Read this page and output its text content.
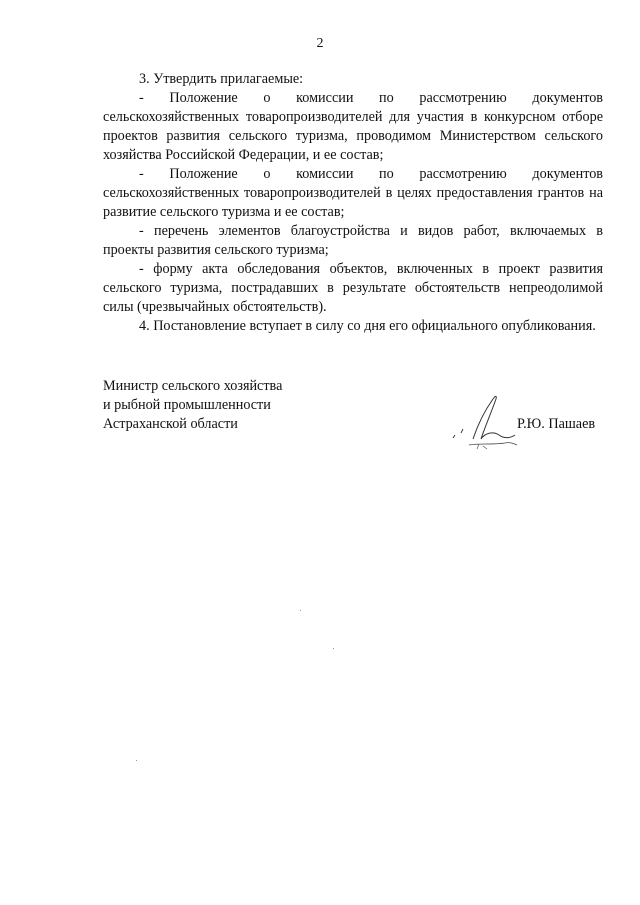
2

3. Утвердить прилагаемые:

- Положение о комиссии по рассмотрению документов сельскохозяйственных товаропроизводителей для участия в конкурсном отборе проектов развития сельского туризма, проводимом Министерством сельского хозяйства Российской Федерации, и ее состав;

- Положение о комиссии по рассмотрению документов сельскохозяйственных товаропроизводителей в целях предоставления грантов на развитие сельского туризма и ее состав;

- перечень элементов благоустройства и видов работ, включаемых в проекты развития сельского туризма;

- форму акта обследования объектов, включенных в проект развития сельского туризма, пострадавших в результате обстоятельств непреодолимой силы (чрезвычайных обстоятельств).

4. Постановление вступает в силу со дня его официального опубликования.

Министр сельского хозяйства
и рыбной промышленности
Астраханской области	Р.Ю. Пашаев
